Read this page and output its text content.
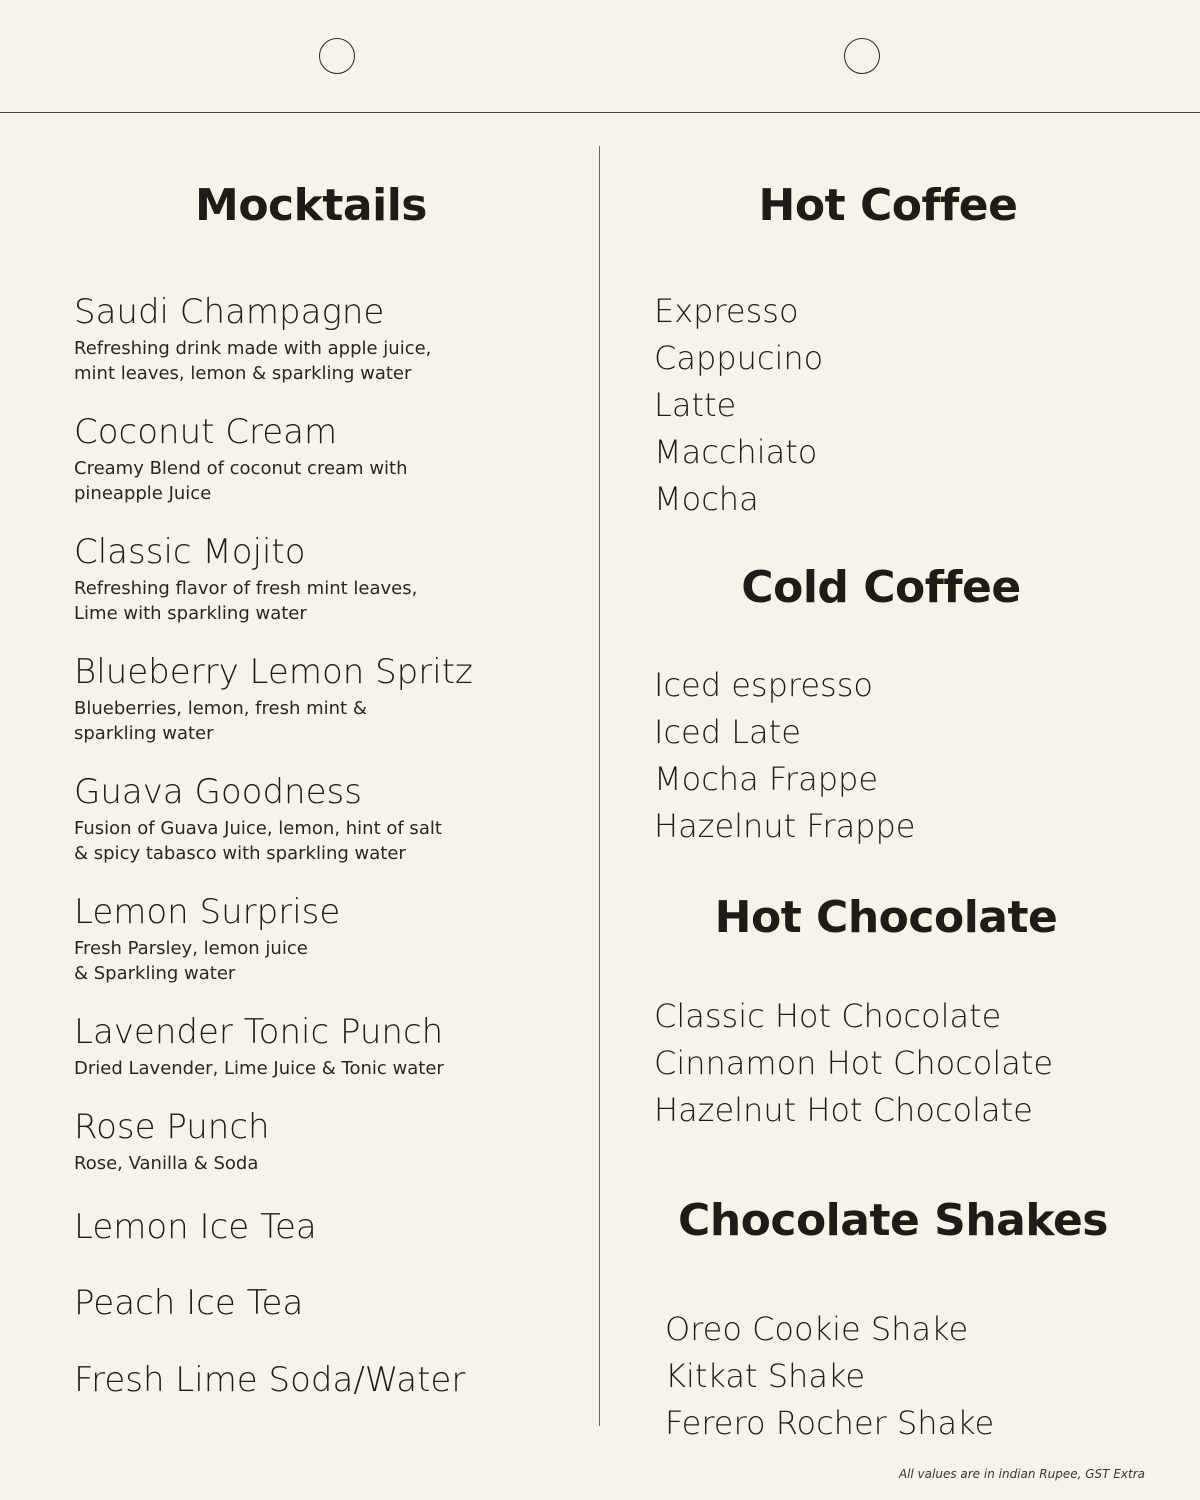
Mocktails
Saudi Champagne
Refreshing drink made with apple juice,
mint leaves, lemon & sparkling water
Coconut Cream
Creamy Blend of coconut cream with
pineapple Juice
Classic Mojito
Refreshing flavor of fresh mint leaves,
Lime with sparkling water
Blueberry Lemon Spritz
Blueberries, lemon, fresh mint &
sparkling water
Guava Goodness
Fusion of Guava Juice, lemon, hint of salt
& spicy tabasco with sparkling water
Lemon Surprise
Fresh Parsley, lemon juice
& Sparkling water
Lavender Tonic Punch
Dried Lavender, Lime Juice & Tonic water
Rose Punch
Rose, Vanilla & Soda
Lemon Ice Tea
Peach Ice Tea
Fresh Lime Soda/Water
Hot Coffee
Expresso
Cappucino
Latte
Macchiato
Mocha
Cold Coffee
Iced espresso
Iced Late
Mocha Frappe
Hazelnut Frappe
Hot Chocolate
Classic Hot Chocolate
Cinnamon Hot Chocolate
Hazelnut Hot Chocolate
Chocolate Shakes
Oreo Cookie Shake
Kitkat Shake
Ferero Rocher Shake
All values are in indian Rupee, GST Extra
